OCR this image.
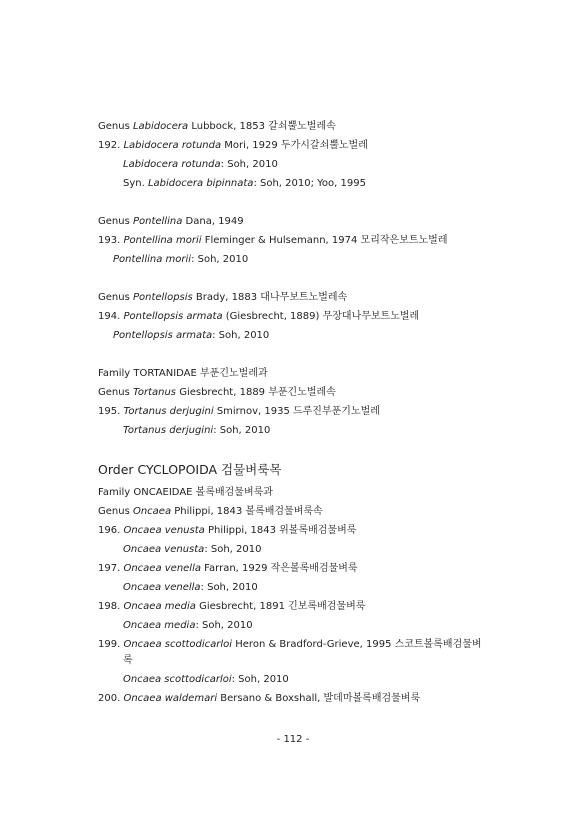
Genus Labidocera Lubbock, 1853 갈쇠뿔노벌레속
192. Labidocera rotunda Mori, 1929 두가시갈쇠뿔노벌레
Labidocera rotunda: Soh, 2010
Syn. Labidocera bipinnata: Soh, 2010; Yoo, 1995
Genus Pontellina Dana, 1949
193. Pontellina morii Fleminger & Hulsemann, 1974 모리작은보트노벌레
Pontellina morii: Soh, 2010
Genus Pontellopsis Brady, 1883 대나무보트노벌레속
194. Pontellopsis armata (Giesbrecht, 1889) 무장대나무보트노벌레
Pontellopsis armata: Soh, 2010
Family TORTANIDAE 부푼긴노벌레과
Genus Tortanus Giesbrecht, 1889 부푼긴노벌레속
195. Tortanus derjugini Smirnov, 1935 드루진부푼기노벌레
Tortanus derjugini: Soh, 2010
Order CYCLOPOIDA 검물벼룩목
Family ONCAEIDAE 볼록배검물벼룩과
Genus Oncaea Philippi, 1843 볼록배검물벼룩속
196. Oncaea venusta Philippi, 1843 위볼록배검물벼룩
Oncaea venusta: Soh, 2010
197. Oncaea venella Farran, 1929 작은볼록배검물벼룩
Oncaea venella: Soh, 2010
198. Oncaea media Giesbrecht, 1891 긴보록배검물벼룩
Oncaea media: Soh, 2010
199. Oncaea scottodicarloi Heron & Bradford-Grieve, 1995 스코트볼록배검물벼
록
Oncaea scottodicarloi: Soh, 2010
200. Oncaea waldemari Bersano & Boxshall, 발데마볼록배검물벼룩
- 112 -
